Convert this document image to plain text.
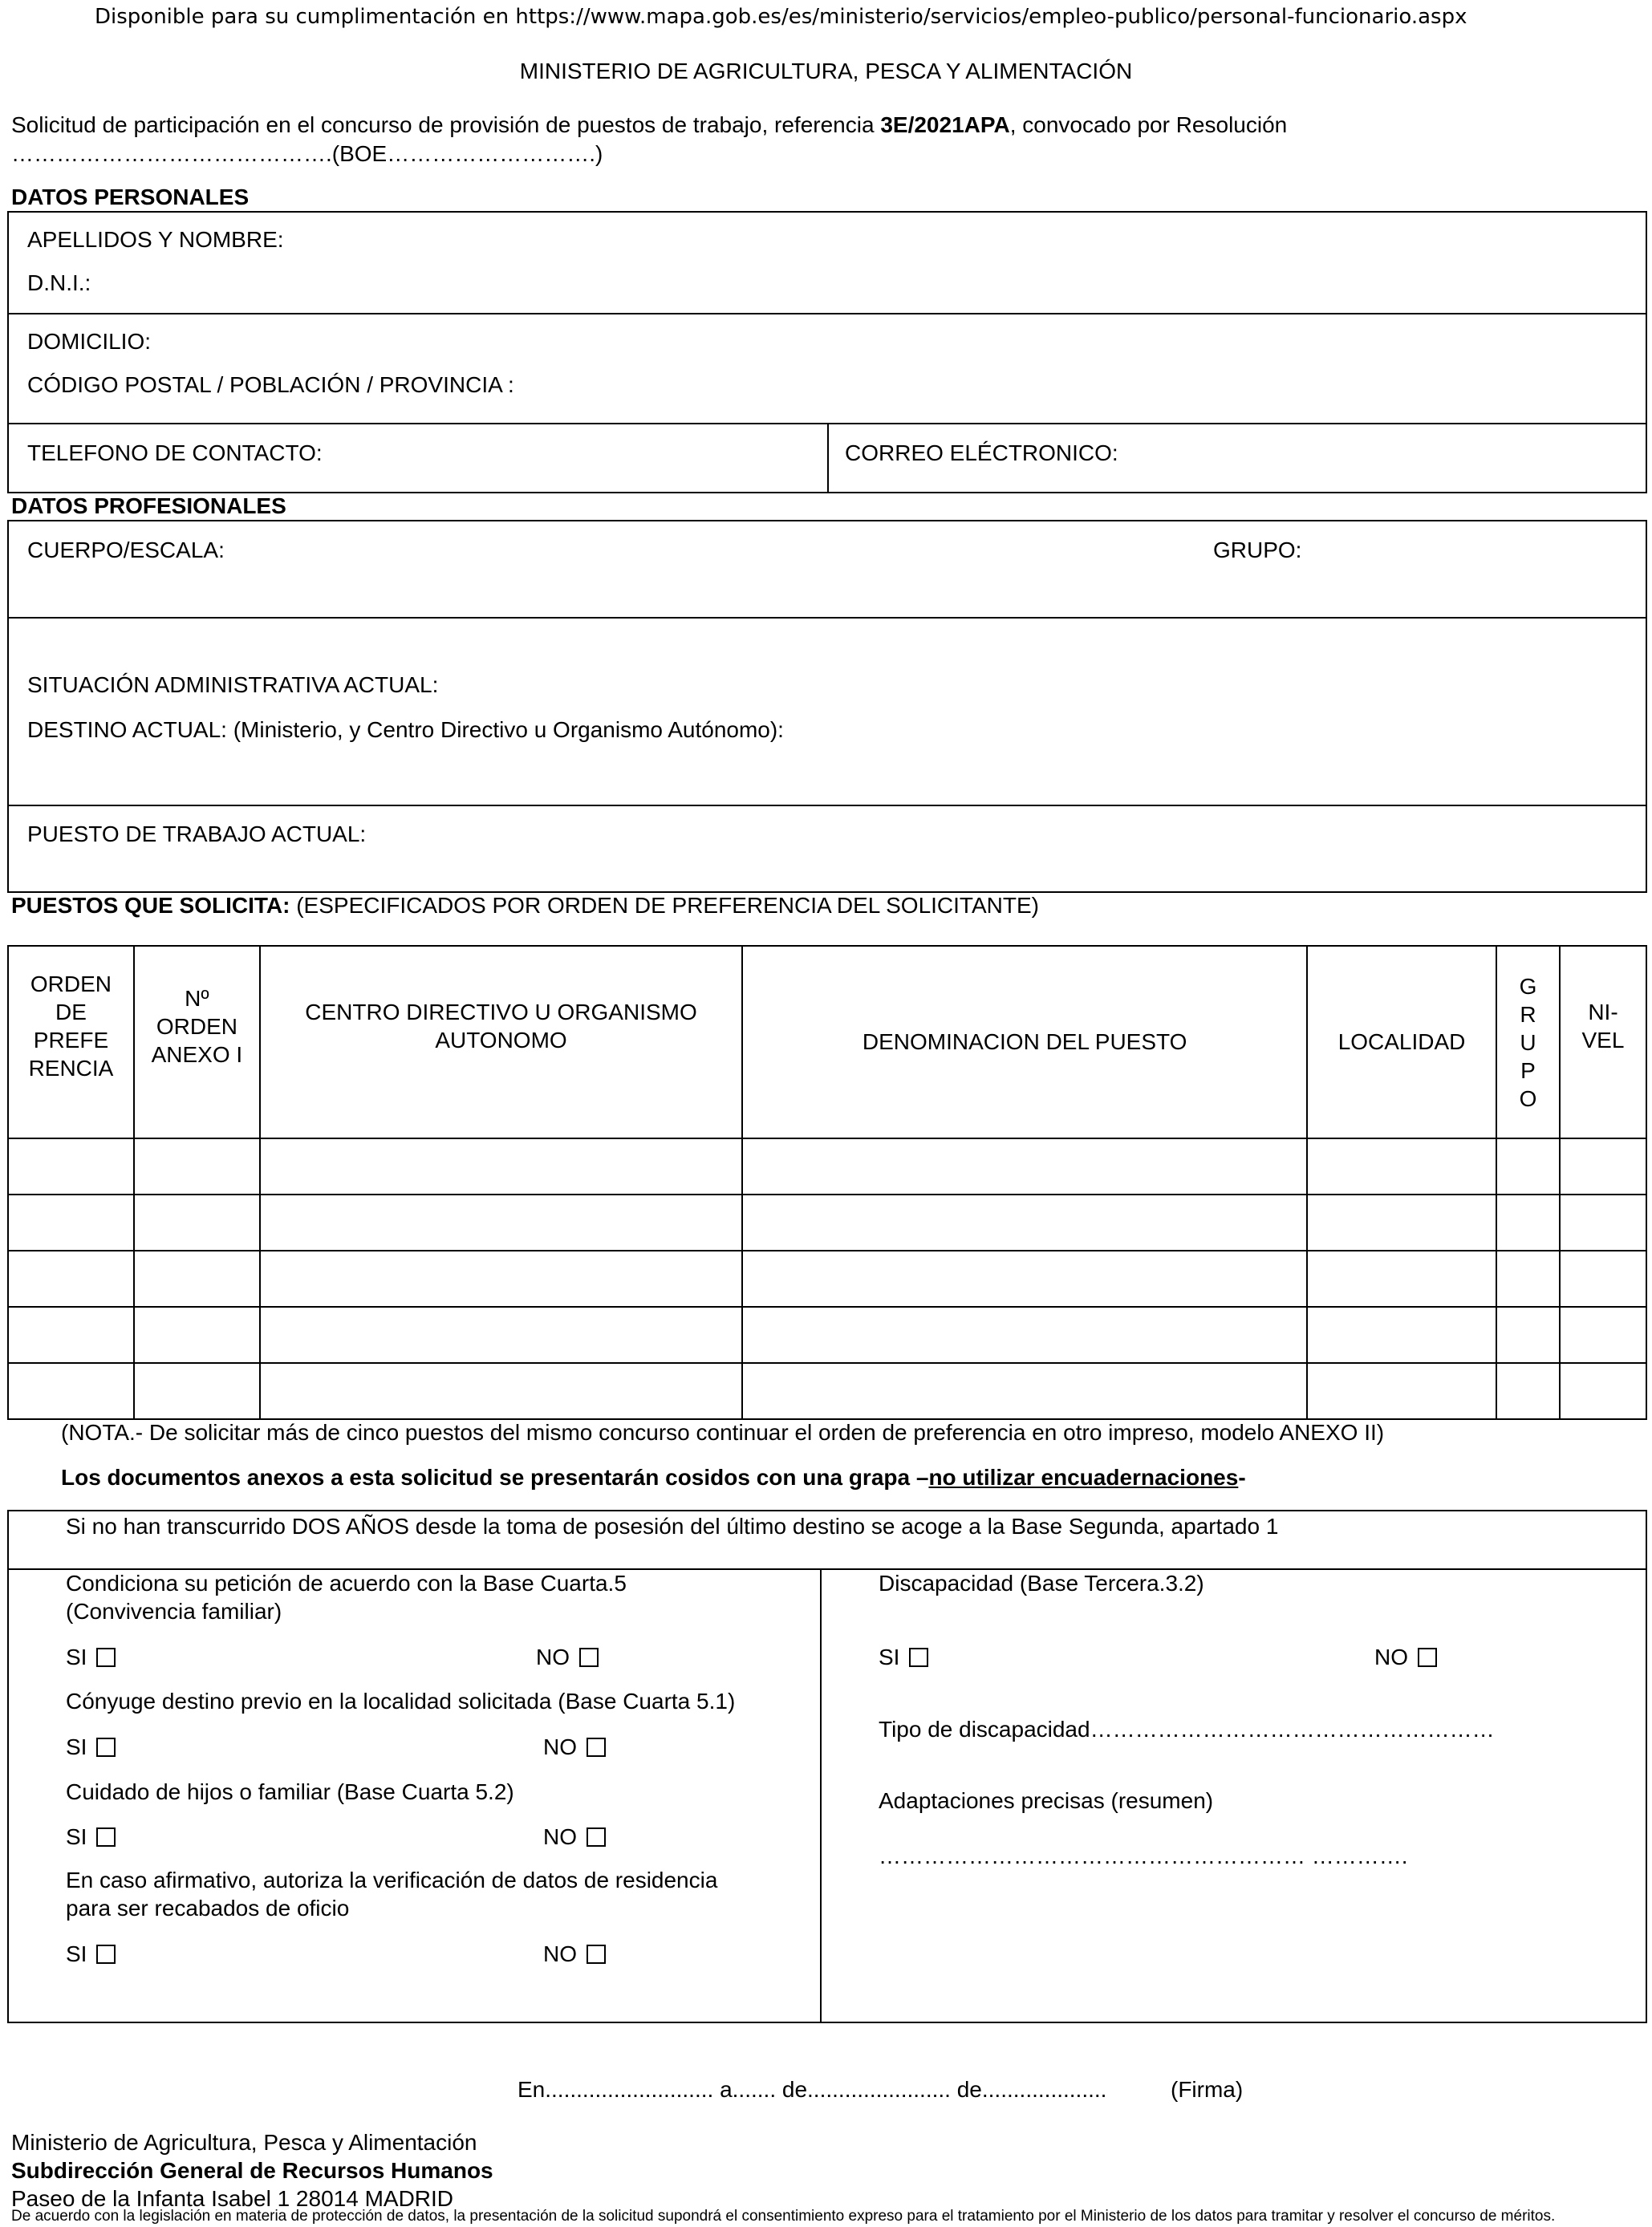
Disponible para su cumplimentación en https://www.mapa.gob.es/es/ministerio/servicios/empleo-publico/personal-funcionario.aspx
MINISTERIO DE AGRICULTURA, PESCA Y ALIMENTACIÓN
Solicitud de participación en el concurso de provisión de puestos de trabajo, referencia 3E/2021APA, convocado por Resolución
…………………………………….(BOE……………………….)
DATOS PERSONALES
APELLIDOS Y NOMBRE:
D.N.I.:
DOMICILIO:
CÓDIGO POSTAL / POBLACIÓN / PROVINCIA :
TELEFONO DE CONTACTO:	CORREO ELÉCTRONICO:
DATOS PROFESIONALES
CUERPO/ESCALA:	GRUPO:
SITUACIÓN ADMINISTRATIVA ACTUAL:
DESTINO ACTUAL: (Ministerio, y Centro Directivo u Organismo Autónomo):
PUESTO DE TRABAJO ACTUAL:
PUESTOS QUE SOLICITA: (ESPECIFICADOS POR ORDEN DE PREFERENCIA DEL SOLICITANTE)
ORDEN DE PREFE RENCIA	Nº ORDEN ANEXO I	CENTRO DIRECTIVO U ORGANISMO AUTONOMO	DENOMINACION DEL PUESTO	LOCALIDAD	G R U P O	NI- VEL

(NOTA.- De solicitar más de cinco puestos del mismo concurso continuar el orden de preferencia en otro impreso, modelo ANEXO II)
Los documentos anexos a esta solicitud se presentarán cosidos con una grapa –no utilizar encuadernaciones-
Si no han transcurrido DOS AÑOS desde la toma de posesión del último destino se acoge a la Base Segunda, apartado 1
Condiciona su petición de acuerdo con la Base Cuarta.5
(Convivencia familiar)
SI	NO
Cónyuge destino previo en la localidad solicitada (Base Cuarta 5.1)
SI	NO
Cuidado de hijos o familiar (Base Cuarta 5.2)
SI	NO
En caso afirmativo, autoriza la verificación de datos de residencia
para ser recabados de oficio
SI	NO
Discapacidad (Base Tercera.3.2)
SI	NO
Tipo de discapacidad………………………………………………
Adaptaciones precisas (resumen)
………………………………………………… ………….
En........................... a....... de....................... de....................	(Firma)
Ministerio de Agricultura, Pesca y Alimentación
Subdirección General de Recursos Humanos
Paseo de la Infanta Isabel 1 28014 MADRID
De acuerdo con la legislación en materia de protección de datos, la presentación de la solicitud supondrá el consentimiento expreso para el tratamiento por el Ministerio de los datos para tramitar y resolver el concurso de méritos.
